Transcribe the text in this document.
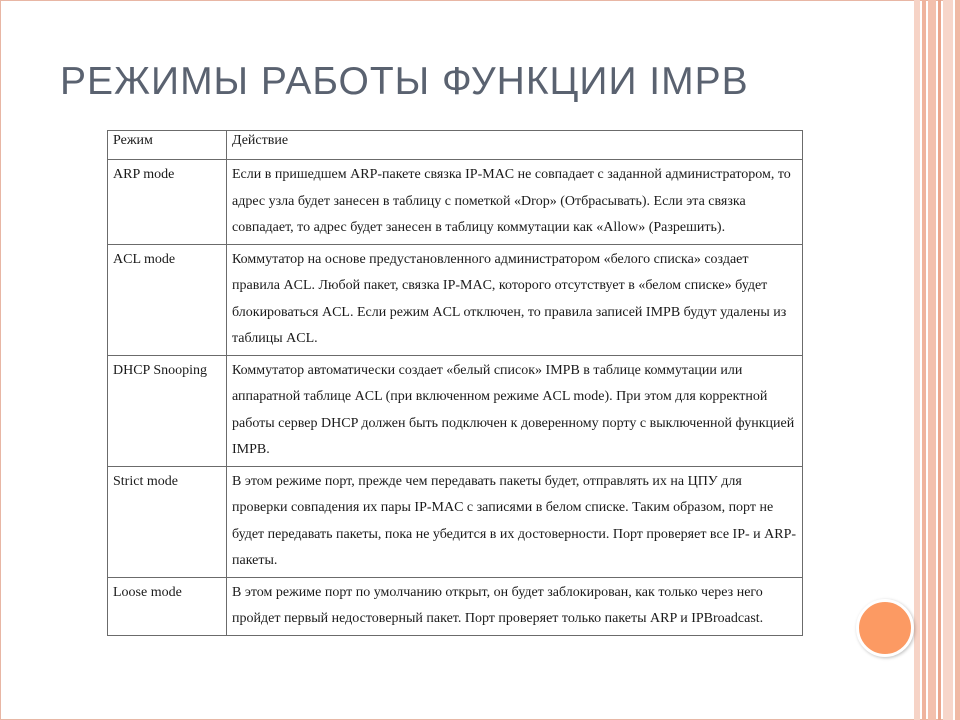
РЕЖИМЫ РАБОТЫ ФУНКЦИИ IMPB
Режим	Действие
ARP mode	Если в пришедшем ARP-пакете связка IP-MAC не совпадает с заданной администратором, то адрес узла будет занесен в таблицу с пометкой «Drop» (Отбрасывать). Если эта связка совпадает, то адрес будет занесен в таблицу коммутации как «Allow» (Разрешить).
ACL mode	Коммутатор на основе предустановленного администратором «белого списка» создает правила ACL. Любой пакет, связка IP-MAC, которого отсутствует в «белом списке» будет блокироваться ACL. Если режим ACL отключен, то правила записей IMPB будут удалены из таблицы ACL.
DHCP Snooping	Коммутатор автоматически создает «белый список» IMPB в таблице коммутации или аппаратной таблице ACL (при включенном режиме ACL mode). При этом для корректной работы сервер DHCP должен быть подключен к доверенному порту с выключенной функцией IMPB.
Strict mode	В этом режиме порт, прежде чем передавать пакеты будет, отправлять их на ЦПУ для проверки совпадения их пары IP-MAC с записями в белом списке. Таким образом, порт не будет передавать пакеты, пока не убедится в их достоверности. Порт проверяет все IP- и ARP-пакеты.
Loose mode	В этом режиме порт по умолчанию открыт, он будет заблокирован, как только через него пройдет первый недостоверный пакет. Порт проверяет только пакеты ARP и IPBroadcast.
